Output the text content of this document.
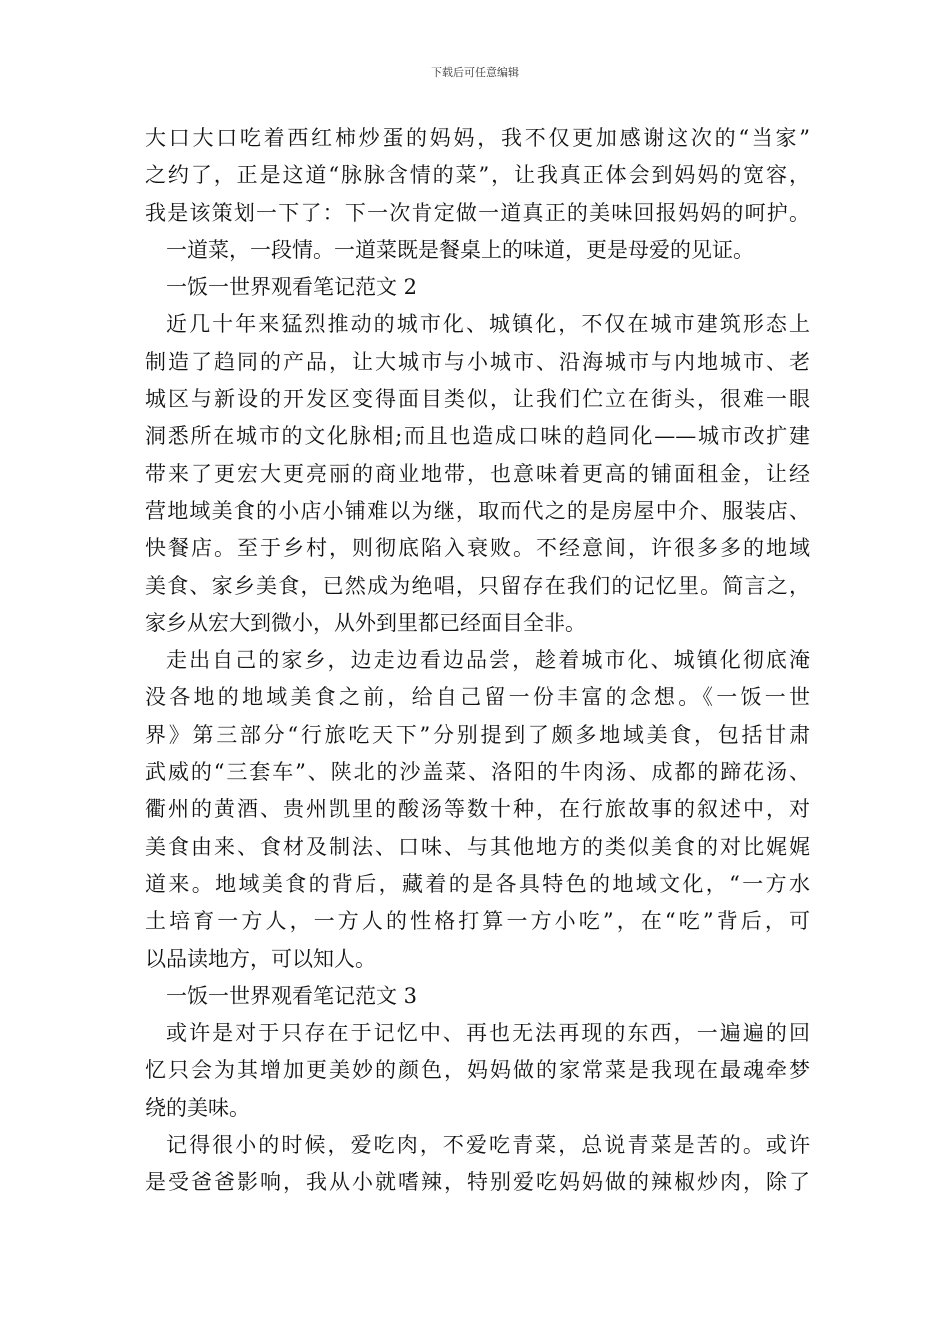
下载后可任意编辑
大口大口吃着西红柿炒蛋的妈妈，我不仅更加感谢这次的“当家”
之约了，正是这道“脉脉含情的菜”，让我真正体会到妈妈的宽容，
我是该策划一下了：下一次肯定做一道真正的美味回报妈妈的呵护。
一道菜，一段情。一道菜既是餐桌上的味道，更是母爱的见证。
一饭一世界观看笔记范文 2
近几十年来猛烈推动的城市化、城镇化，不仅在城市建筑形态上
制造了趋同的产品，让大城市与小城市、沿海城市与内地城市、老
城区与新设的开发区变得面目类似，让我们伫立在街头，很难一眼
洞悉所在城市的文化脉相;而且也造成口味的趋同化——城市改扩建
带来了更宏大更亮丽的商业地带，也意味着更高的铺面租金，让经
营地域美食的小店小铺难以为继，取而代之的是房屋中介、服装店、
快餐店。至于乡村，则彻底陷入衰败。不经意间，许很多多的地域
美食、家乡美食，已然成为绝唱，只留存在我们的记忆里。简言之，
家乡从宏大到微小，从外到里都已经面目全非。
走出自己的家乡，边走边看边品尝，趁着城市化、城镇化彻底淹
没各地的地域美食之前，给自己留一份丰富的念想。《一饭一世
界》第三部分“行旅吃天下”分别提到了颇多地域美食，包括甘肃
武威的“三套车”、陕北的沙盖菜、洛阳的牛肉汤、成都的蹄花汤、
衢州的黄酒、贵州凯里的酸汤等数十种，在行旅故事的叙述中，对
美食由来、食材及制法、口味、与其他地方的类似美食的对比娓娓
道来。地域美食的背后，藏着的是各具特色的地域文化，“一方水
土培育一方人，一方人的性格打算一方小吃”，在“吃”背后，可
以品读地方，可以知人。
一饭一世界观看笔记范文 3
或许是对于只存在于记忆中、再也无法再现的东西，一遍遍的回
忆只会为其增加更美妙的颜色，妈妈做的家常菜是我现在最魂牵梦
绕的美味。
记得很小的时候，爱吃肉，不爱吃青菜，总说青菜是苦的。或许
是受爸爸影响，我从小就嗜辣，特别爱吃妈妈做的辣椒炒肉，除了
